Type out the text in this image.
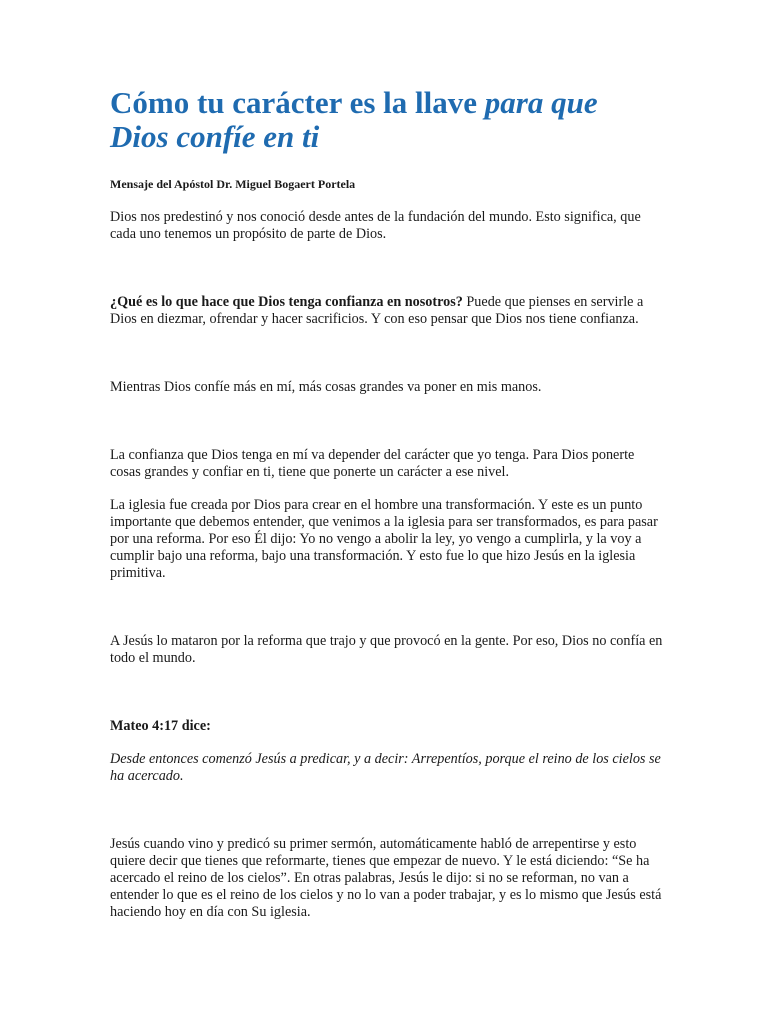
Cómo tu carácter es la llave para que
Dios confíe en ti
Mensaje del Apóstol Dr. Miguel Bogaert Portela

Dios nos predestinó y nos conoció desde antes de la fundación del mundo. Esto significa, que cada uno tenemos un propósito de parte de Dios.

¿Qué es lo que hace que Dios tenga confianza en nosotros? Puede que pienses en servirle a Dios en diezmar, ofrendar y hacer sacrificios. Y con eso pensar que Dios nos tiene confianza.

Mientras Dios confíe más en mí, más cosas grandes va poner en mis manos.

La confianza que Dios tenga en mí va depender del carácter que yo tenga. Para Dios ponerte cosas grandes y confiar en ti, tiene que ponerte un carácter a ese nivel.

La iglesia fue creada por Dios para crear en el hombre una transformación. Y este es un punto importante que debemos entender, que venimos a la iglesia para ser transformados, es para pasar por una reforma. Por eso Él dijo: Yo no vengo a abolir la ley, yo vengo a cumplirla, y la voy a cumplir bajo una reforma, bajo una transformación. Y esto fue lo que hizo Jesús en la iglesia primitiva.

A Jesús lo mataron por la reforma que trajo y que provocó en la gente. Por eso, Dios no confía en todo el mundo.

Mateo 4:17 dice:

Desde entonces comenzó Jesús a predicar, y a decir: Arrepentíos, porque el reino de los cielos se ha acercado.

Jesús cuando vino y predicó su primer sermón, automáticamente habló de arrepentirse y esto quiere decir que tienes que reformarte, tienes que empezar de nuevo. Y le está diciendo: “Se ha acercado el reino de los cielos”. En otras palabras, Jesús le dijo: si no se reforman, no van a entender lo que es el reino de los cielos y no lo van a poder trabajar, y es lo mismo que Jesús está haciendo hoy en día con Su iglesia.
